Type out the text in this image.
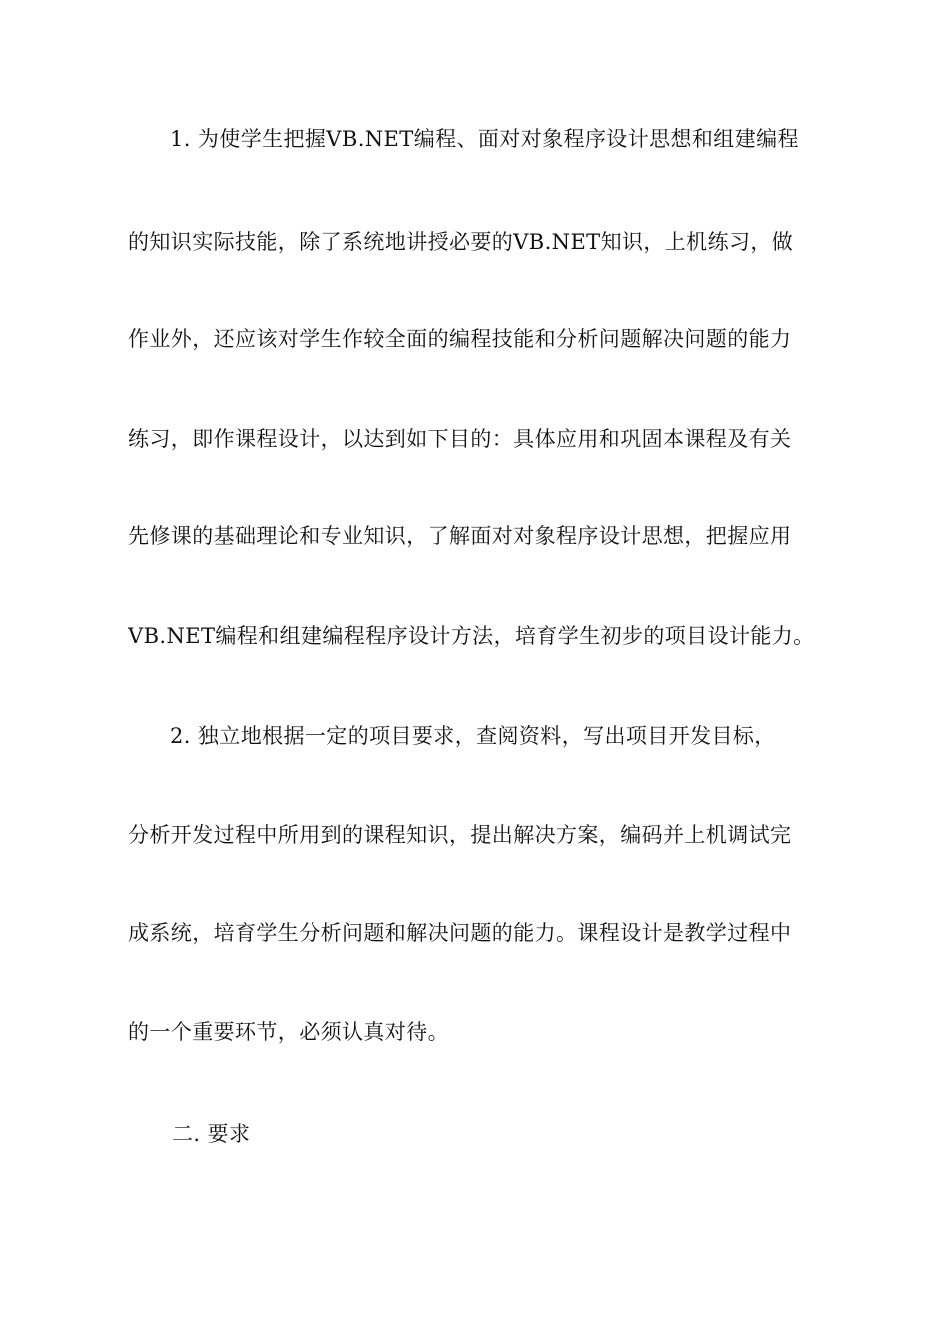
1. 为使学生把握VB.NET编程、面对对象程序设计思想和组建编程
的知识实际技能，除了系统地讲授必要的VB.NET知识，上机练习，做
作业外，还应该对学生作较全面的编程技能和分析问题解决问题的能力
练习，即作课程设计，以达到如下目的：具体应用和巩固本课程及有关
先修课的基础理论和专业知识，了解面对对象程序设计思想，把握应用
VB.NET编程和组建编程程序设计方法，培育学生初步的项目设计能力。
2. 独立地根据一定的项目要求，查阅资料，写出项目开发目标，
分析开发过程中所用到的课程知识，提出解决方案，编码并上机调试完
成系统，培育学生分析问题和解决问题的能力。课程设计是教学过程中
的一个重要环节，必须认真对待。
二. 要求
